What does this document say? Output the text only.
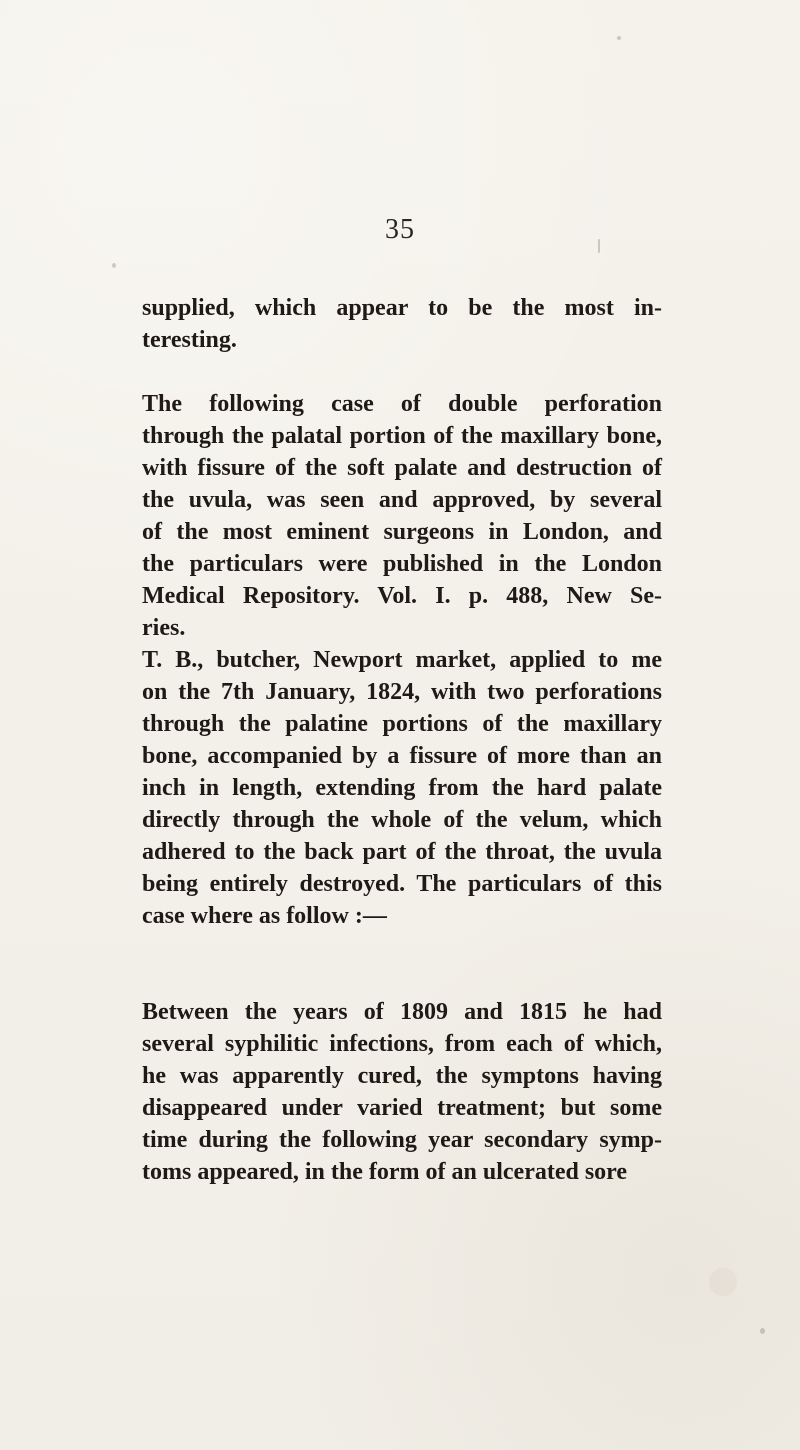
35

supplied, which appear to be the most in-
teresting.

The following case of double perforation
through the palatal portion of the maxillary bone,
with fissure of the soft palate and destruction of
the uvula, was seen and approved, by several
of the most eminent surgeons in London, and
the particulars were published in the London
Medical Repository. Vol. I. p. 488, New Se-
ries.

T. B., butcher, Newport market, applied to me
on the 7th January, 1824, with two perforations
through the palatine portions of the maxillary
bone, accompanied by a fissure of more than an
inch in length, extending from the hard palate
directly through the whole of the velum, which
adhered to the back part of the throat, the uvula
being entirely destroyed. The particulars of this
case where as follow :—

Between the years of 1809 and 1815 he had
several syphilitic infections, from each of which,
he was apparently cured, the symptons having
disappeared under varied treatment; but some
time during the following year secondary symp-
toms appeared, in the form of an ulcerated sore
